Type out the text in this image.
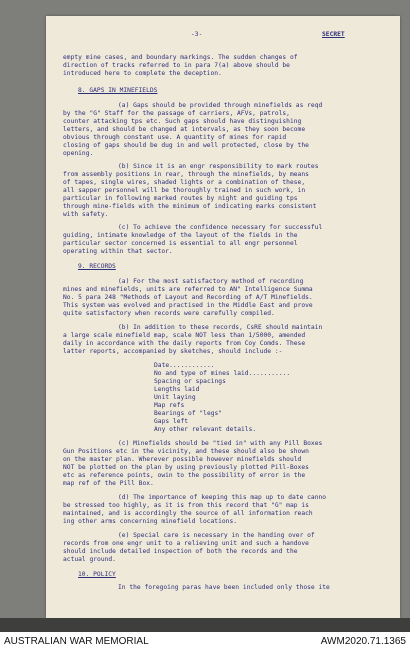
-3-	SECRET
empty mine cases, and boundary markings. The sudden changes of
direction of tracks referred to in para 7(a) above should be
introduced here to complete the deception.
8. GAPS IN MINEFIELDS
(a) Gaps should be provided through minefields as reqd
by the "G" Staff for the passage of carriers, AFVs, patrols,
counter attacking tps etc. Such gaps should have distinguishing
letters, and should be changed at intervals, as they soon become
obvious through constant use. A quantity of mines for rapid
closing of gaps should be dug in and well protected, close by the
opening.
(b) Since it is an engr responsibility to mark routes
from assembly positions in rear, through the minefields, by means
of tapes, single wires, shaded lights or a combination of these,
all sapper personnel will be thoroughly trained in such work, in
particular in following marked routes by night and guiding tps
through mine-fields with the minimum of indicating marks consistent
with safety.
(c) To achieve the confidence necessary for successful
guiding, intimate knowledge of the layout of the fields in the
particular sector concerned is essential to all engr personnel
operating within that sector.
9. RECORDS
(a) For the most satisfactory method of recording
mines and minefields, units are referred to AN" Intelligence Summa
No. 5 para 248 "Methods of Layout and Recording of A/T Minefields.
This system was evolved and practised in the Middle East and prove
quite satisfactory when records were carefully compiled.
(b) In addition to these records, CsRE should maintain
a large scale minefield map, scale NOT less than 1/5000, amended
daily in accordance with the daily reports from Coy Comds. These
latter reports, accompanied by sketches, should include :-
Date............
No and type of mines laid...........
Spacing or spacings
Lengths laid
Unit laying
Map refs
Bearings of "legs"
Gaps left
Any other relevant details.
(c) Minefields should be "tied in" with any Pill Boxes
Gun Positions etc in the vicinity, and these should also be shown
on the master plan. Wherever possible however minefields should
NOT be plotted on the plan by using previously plotted Pill-Boxes
etc as reference points, owin to the possibility of error in the
map ref of the Pill Box.
(d) The importance of keeping this map up to date canno
be stressed too highly, as it is from this record that "G" map is
maintained, and is accordingly the source of all information reach
ing other arms concerning minefield locations.
(e) Special care is necessary in the handing over of
records from one engr unit to a relieving unit and such a handove
should include detailed inspection of both the records and the
actual ground.
10. POLICY
In the foregoing paras have been included only those ite
AUSTRALIAN WAR MEMORIAL	AWM2020.71.1365
